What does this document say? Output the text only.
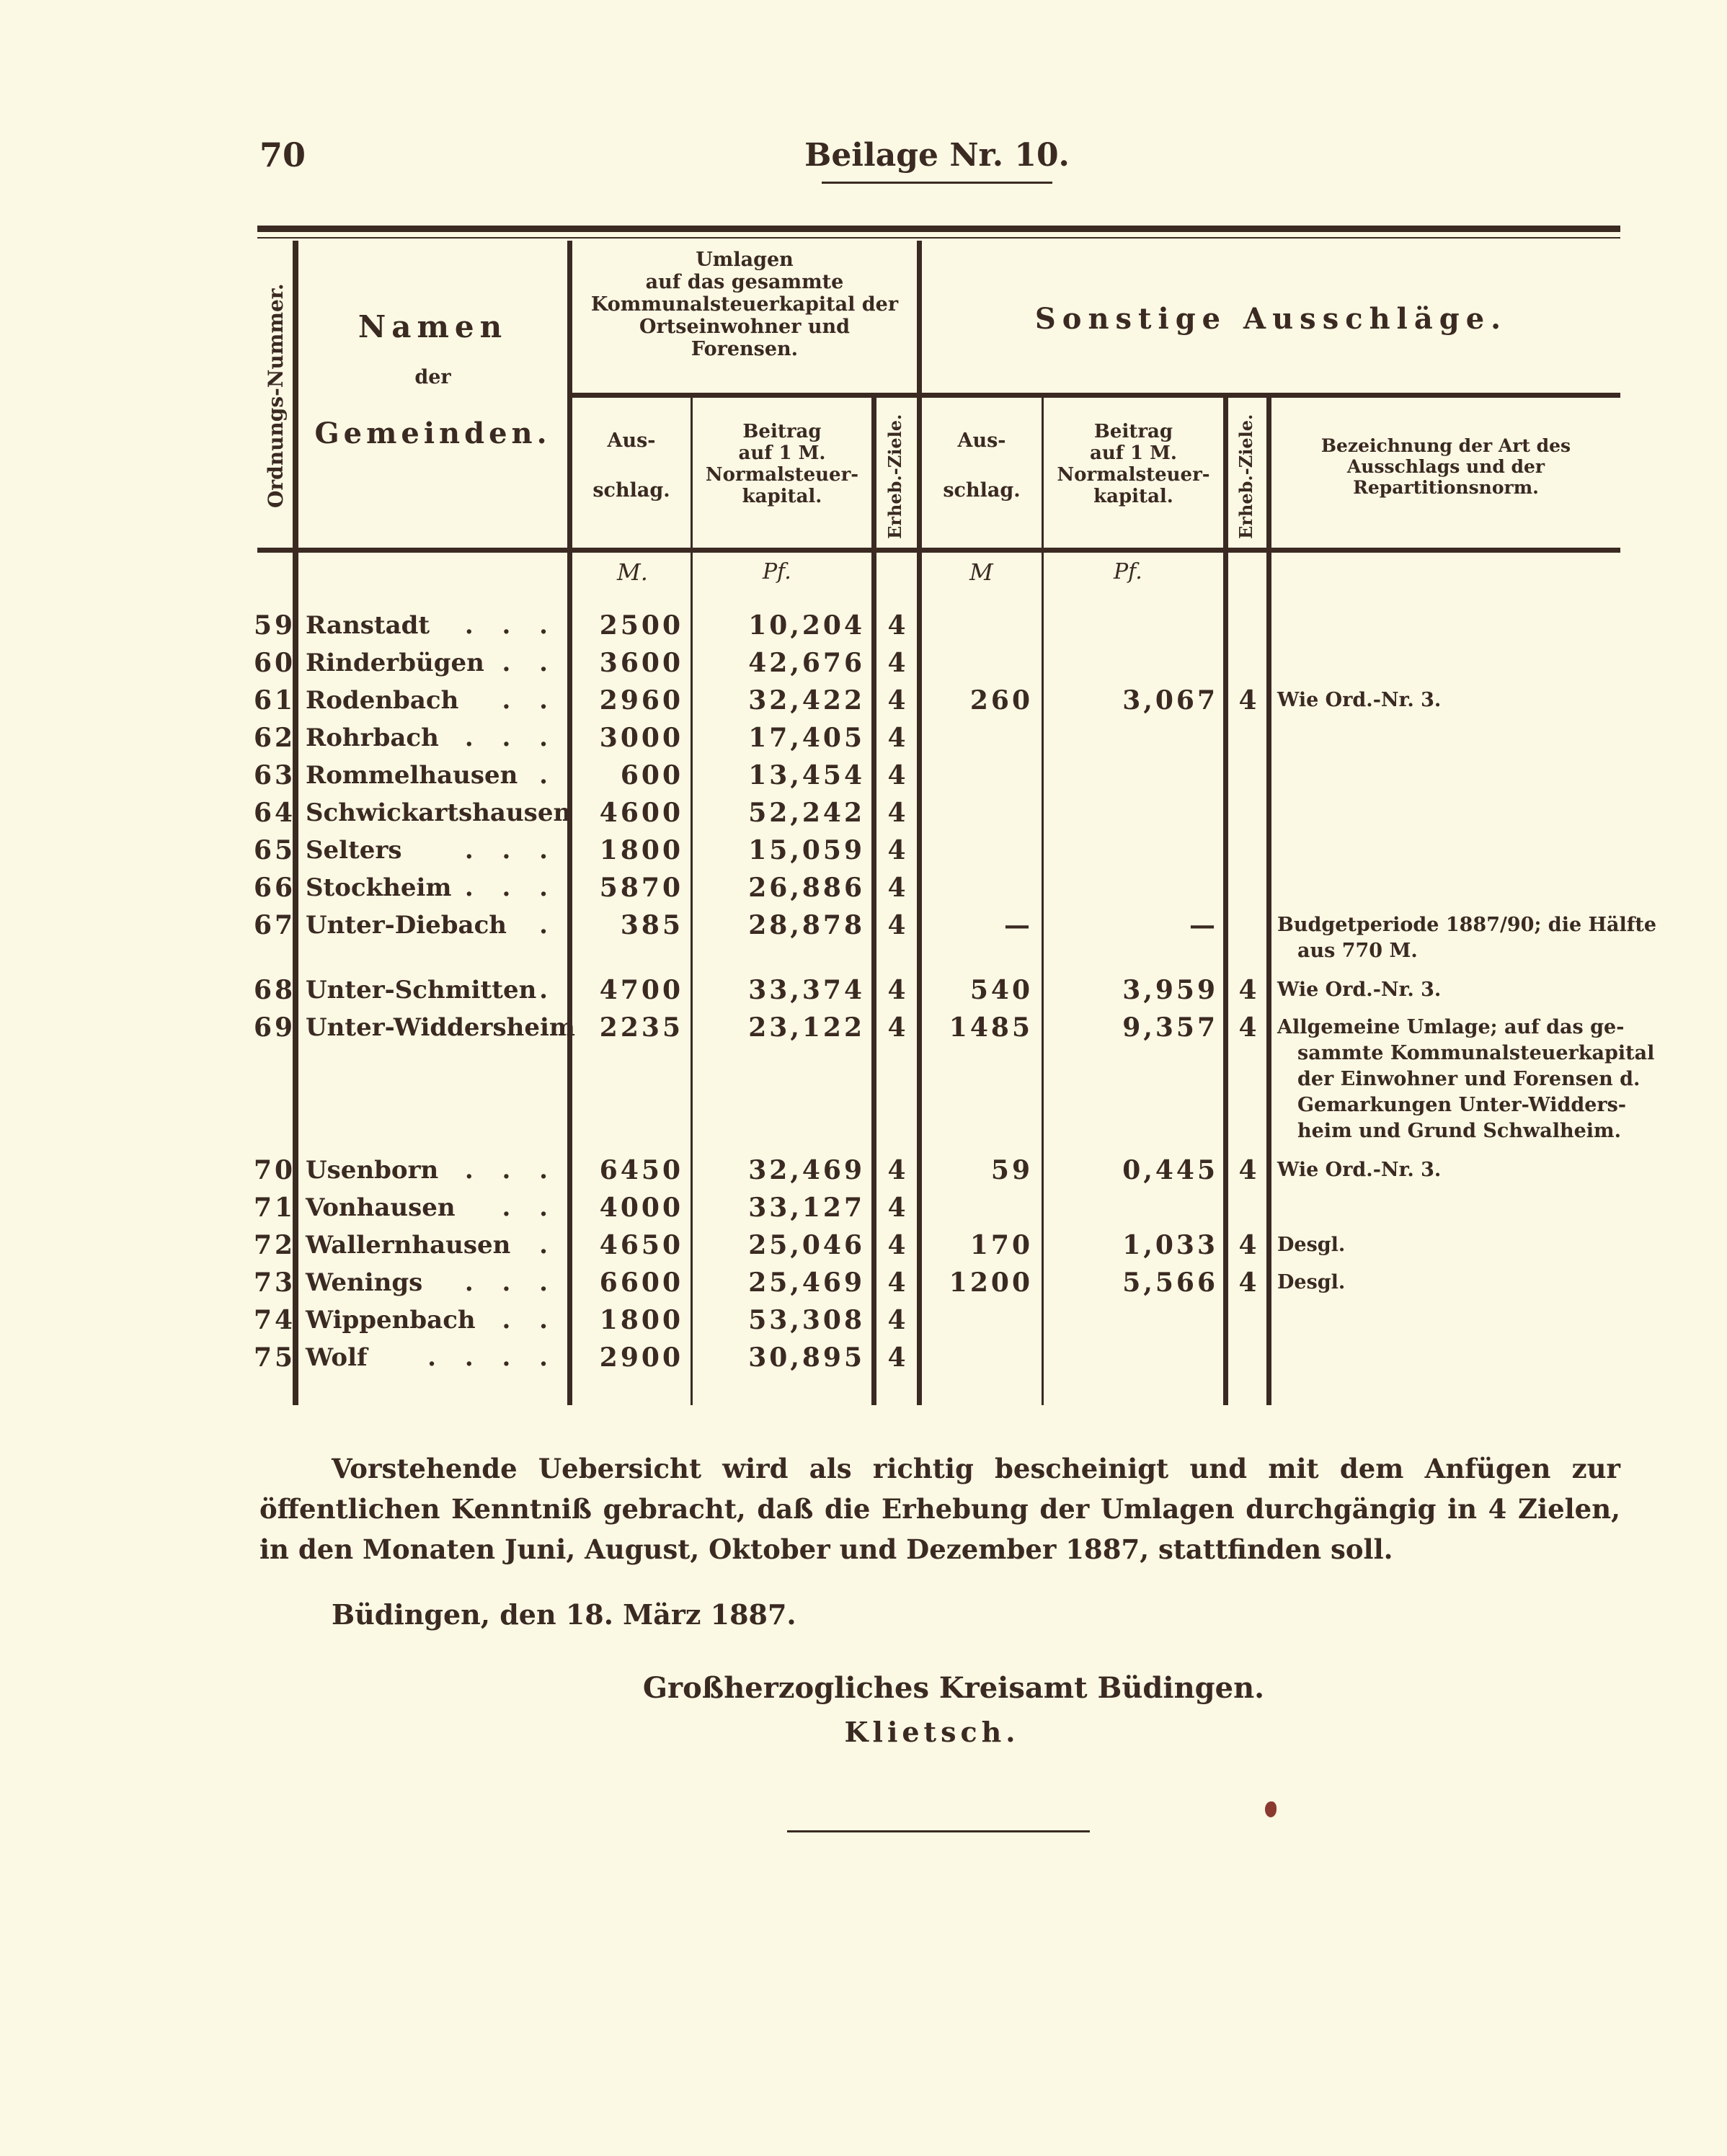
70	Beilage Nr. 10.
Ordnungs-Nummer.	Namen
der
Gemeinden.
Umlagen
auf das gesammte
Kommunalsteuerkapital der
Ortseinwohner und
Forensen.
Sonstige Ausschläge.
Aus-
schlag.
Beitrag
auf 1 M.
Normalsteuer-
kapital.	Erheb.-Ziele.	Aus-
schlag.
Beitrag
auf 1 M.
Normalsteuer-
kapital.	Erheb.-Ziele.	Bezeichnung der Art des
Ausschlags und der
Repartitionsnorm.
M.	Pf.	M	Pf.
59 Ranstadt . . .	2500	10,204 4
60 Rinderbügen . .	3600	42,676 4
61 Rodenbach . .	2960	32,422 4	260	3,067 4	Wie Ord.-Nr. 3.
62 Rohrbach . . .	3000	17,405 4
63 Rommelhausen .	600	13,454 4
64 Schwickartshausen	4600	52,242 4
65 Selters	. . .	1800	15,059 4
66 Stockheim . . .	5870	26,886 4
67 Unter-Diebach .	385	28,878 4	—	—	Budgetperiode 1887/90; die Hälfte
aus 770 M.
68 Unter-Schmitten .	4700	33,374 4	540	3,959 4	Wie Ord.-Nr. 3.
69 Unter-Widdersheim 2235	23,122 4	1485	9,357 4	Allgemeine Umlage; auf das ge-
sammte Kommunalsteuerkapital
der Einwohner und Forensen d.
Gemarkungen Unter-Widders-
heim und Grund Schwalheim.
70 Usenborn . . .	6450	32,469 4	59	0,445 4	Wie Ord.-Nr. 3.
71 Vonhausen . .	4000	33,127 4
72 Wallernhausen .	4650	25,046 4	170	1,033 4	Desgl.
73 Wenings . . .	6600	25,469 4	1200	5,566 4	Desgl.
74 Wippenbach . .	1800	53,308 4
75 Wolf . . . .	2900	30,895 4
Vorstehende Uebersicht wird als richtig bescheinigt und mit dem Anfügen zur öffentlichen Kenntniß gebracht, daß die Erhebung der Umlagen durchgängig in 4 Zielen, in den Monaten Juni, August, Oktober und Dezember 1887, stattfinden soll.
Büdingen, den 18. März 1887.
Großherzogliches Kreisamt Büdingen.
Klietsch.
